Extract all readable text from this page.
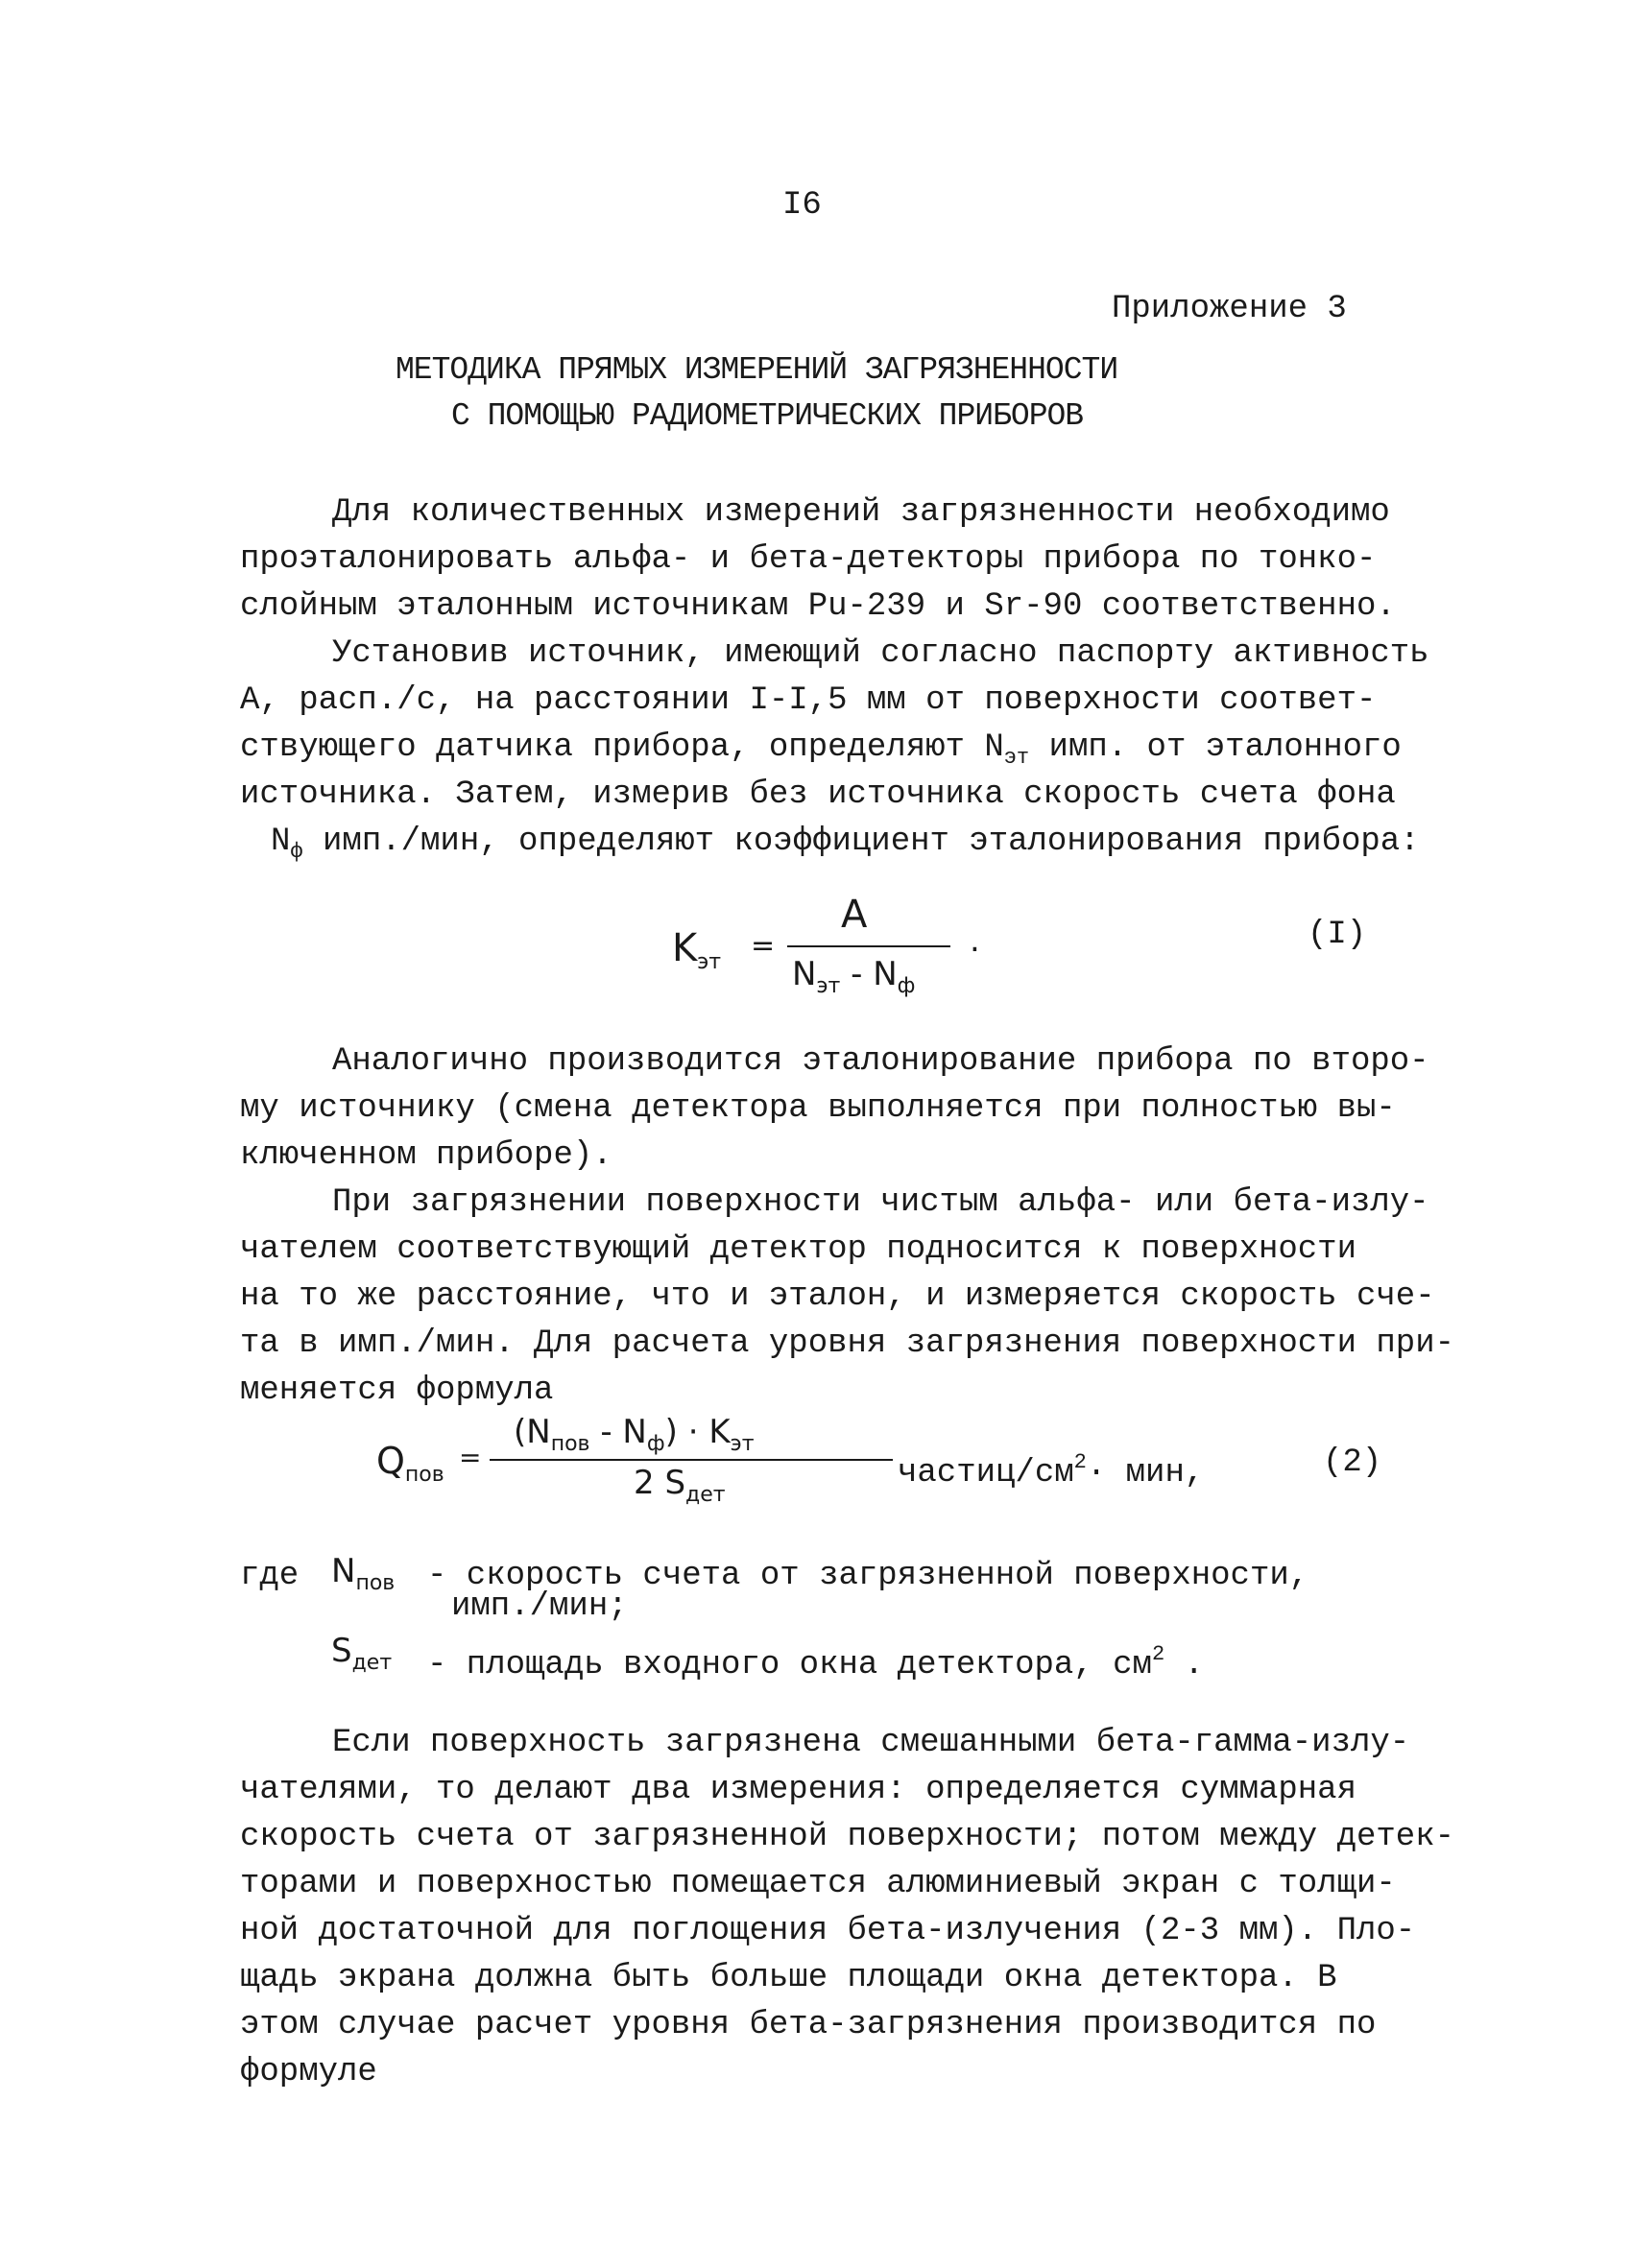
I6
Приложение 3
МЕТОДИКА ПРЯМЫХ ИЗМЕРЕНИЙ ЗАГРЯЗНЕННОСТИ
С ПОМОЩЬЮ РАДИОМЕТРИЧЕСКИХ ПРИБОРОВ
Для количественных измерений загрязненности необходимо
проэталонировать альфа- и бета-детекторы прибора по тонко-
слойным эталонным источникам Pu-239 и Sr-90 соответственно.
Установив источник, имеющий согласно паспорту активность
A, расп./с, на расстоянии I-I,5 мм от поверхности соответ-
ствующего датчика прибора, определяют $N_{эт}$ имп. от эталонного
источника. Затем, измерив без источника скорость счета фона
$N_ф$ имп./мин, определяют коэффициент эталонирования прибора:
$K_{эт}$ =
A
$N_{эт} - N_ф$
.	(I)
Аналогично производится эталонирование прибора по второ-
му источнику (смена детектора выполняется при полностью вы-
ключенном приборе).
При загрязнении поверхности чистым альфа- или бета-излу-
чателем соответствующий детектор подносится к поверхности
на то же расстояние, что и эталон, и измеряется скорость сче-
та в имп./мин. Для расчета уровня загрязнения поверхности при-
меняется формула
$Q_{пов}$
=
$(N_{пов} - N_ф) \cdot K_{эт}$
2 $S_{дет}$
частиц/$см^2\cdot$ мин,	(2)
где $N_{пов}$ - скорость счета от загрязненной поверхности,
имп./мин;
$S_{дет}$ - площадь входного окна детектора, $см^2$ .
Если поверхность загрязнена смешанными бета-гамма-излу-
чателями, то делают два измерения: определяется суммарная
скорость счета от загрязненной поверхности; потом между детек-
торами и поверхностью помещается алюминиевый экран с толщи-
ной достаточной для поглощения бета-излучения (2-3 мм). Пло-
щадь экрана должна быть больше площади окна детектора. В
этом случае расчет уровня бета-загрязнения производится по
формуле
